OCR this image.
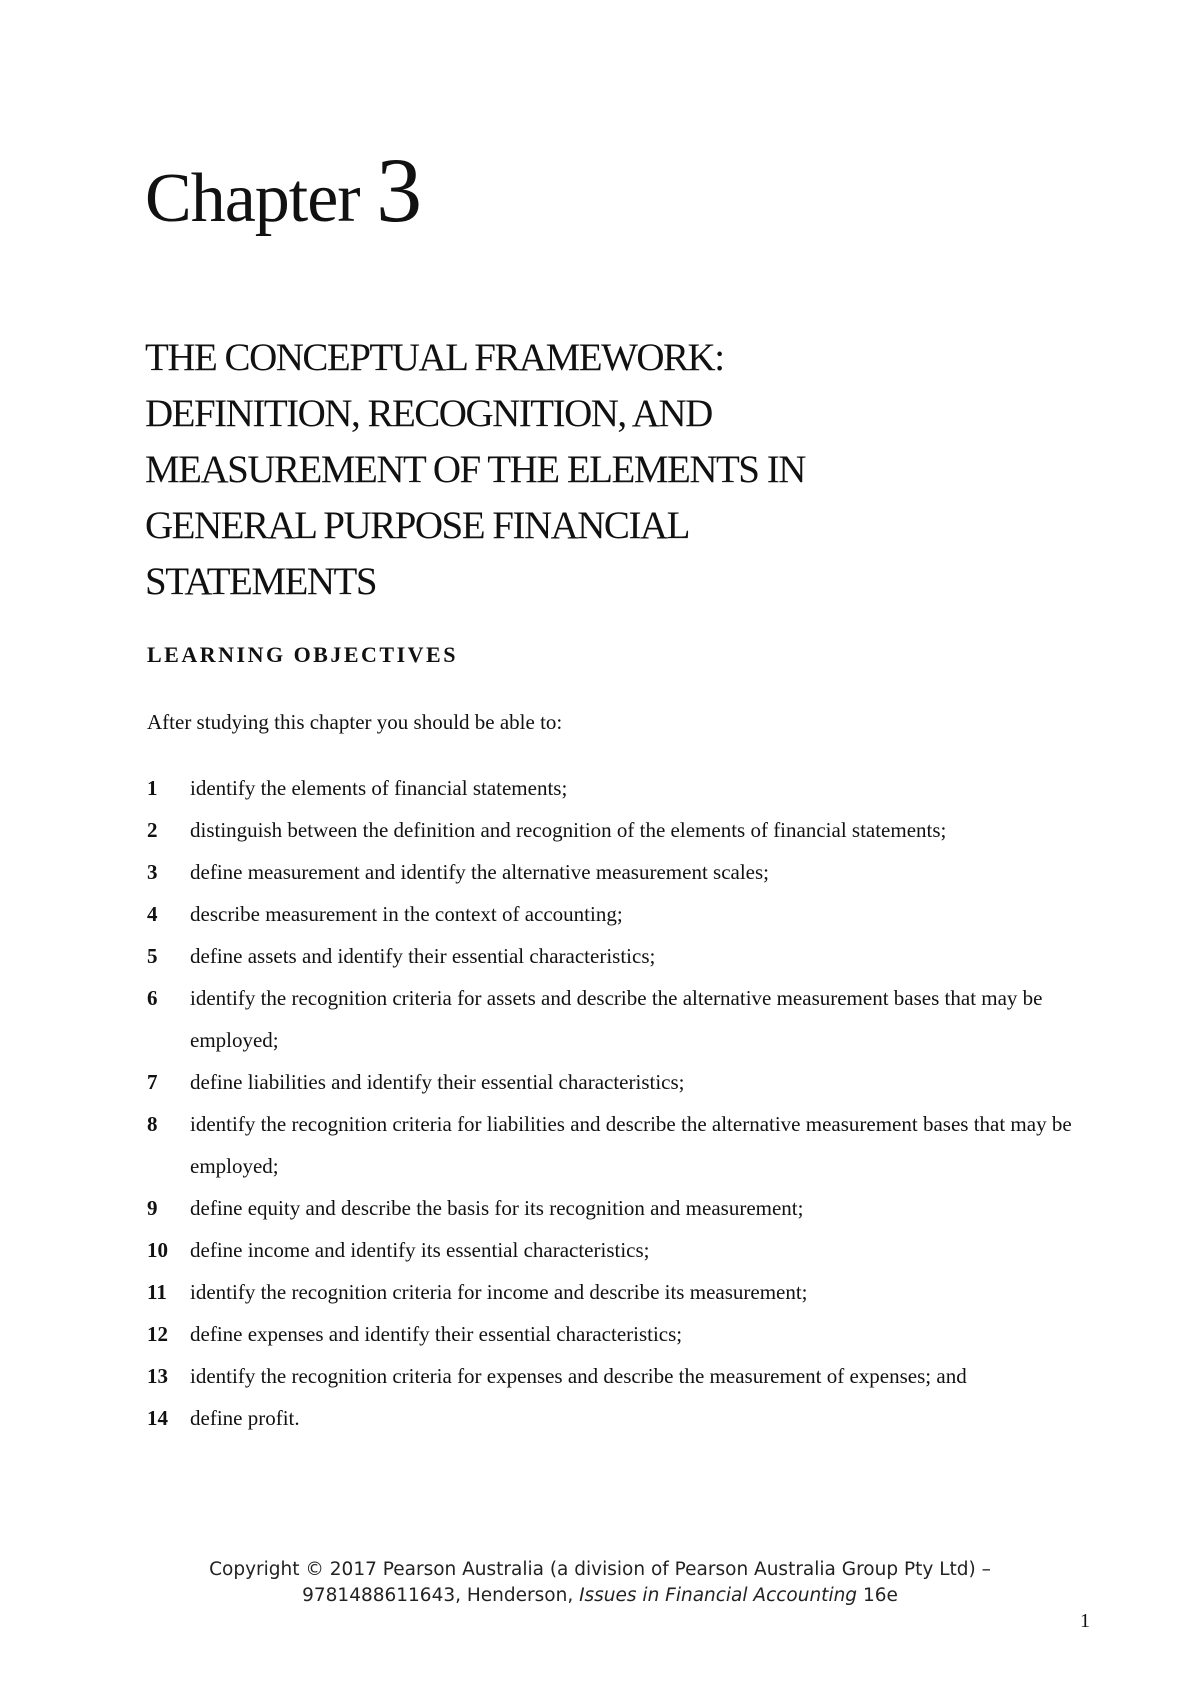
Chapter 3
THE CONCEPTUAL FRAMEWORK:
DEFINITION, RECOGNITION, AND
MEASUREMENT OF THE ELEMENTS IN
GENERAL PURPOSE FINANCIAL
STATEMENTS
LEARNING OBJECTIVES
After studying this chapter you should be able to:
1	identify the elements of financial statements;
2	distinguish between the definition and recognition of the elements of financial statements;
3	define measurement and identify the alternative measurement scales;
4	describe measurement in the context of accounting;
5	define assets and identify their essential characteristics;
6	identify the recognition criteria for assets and describe the alternative measurement bases that may be employed;
7	define liabilities and identify their essential characteristics;
8	identify the recognition criteria for liabilities and describe the alternative measurement bases that may be employed;
9	define equity and describe the basis for its recognition and measurement;
10	define income and identify its essential characteristics;
11	identify the recognition criteria for income and describe its measurement;
12	define expenses and identify their essential characteristics;
13	identify the recognition criteria for expenses and describe the measurement of expenses; and
14	define profit.
Copyright © 2017 Pearson Australia (a division of Pearson Australia Group Pty Ltd) –
9781488611643, Henderson, Issues in Financial Accounting 16e
1
